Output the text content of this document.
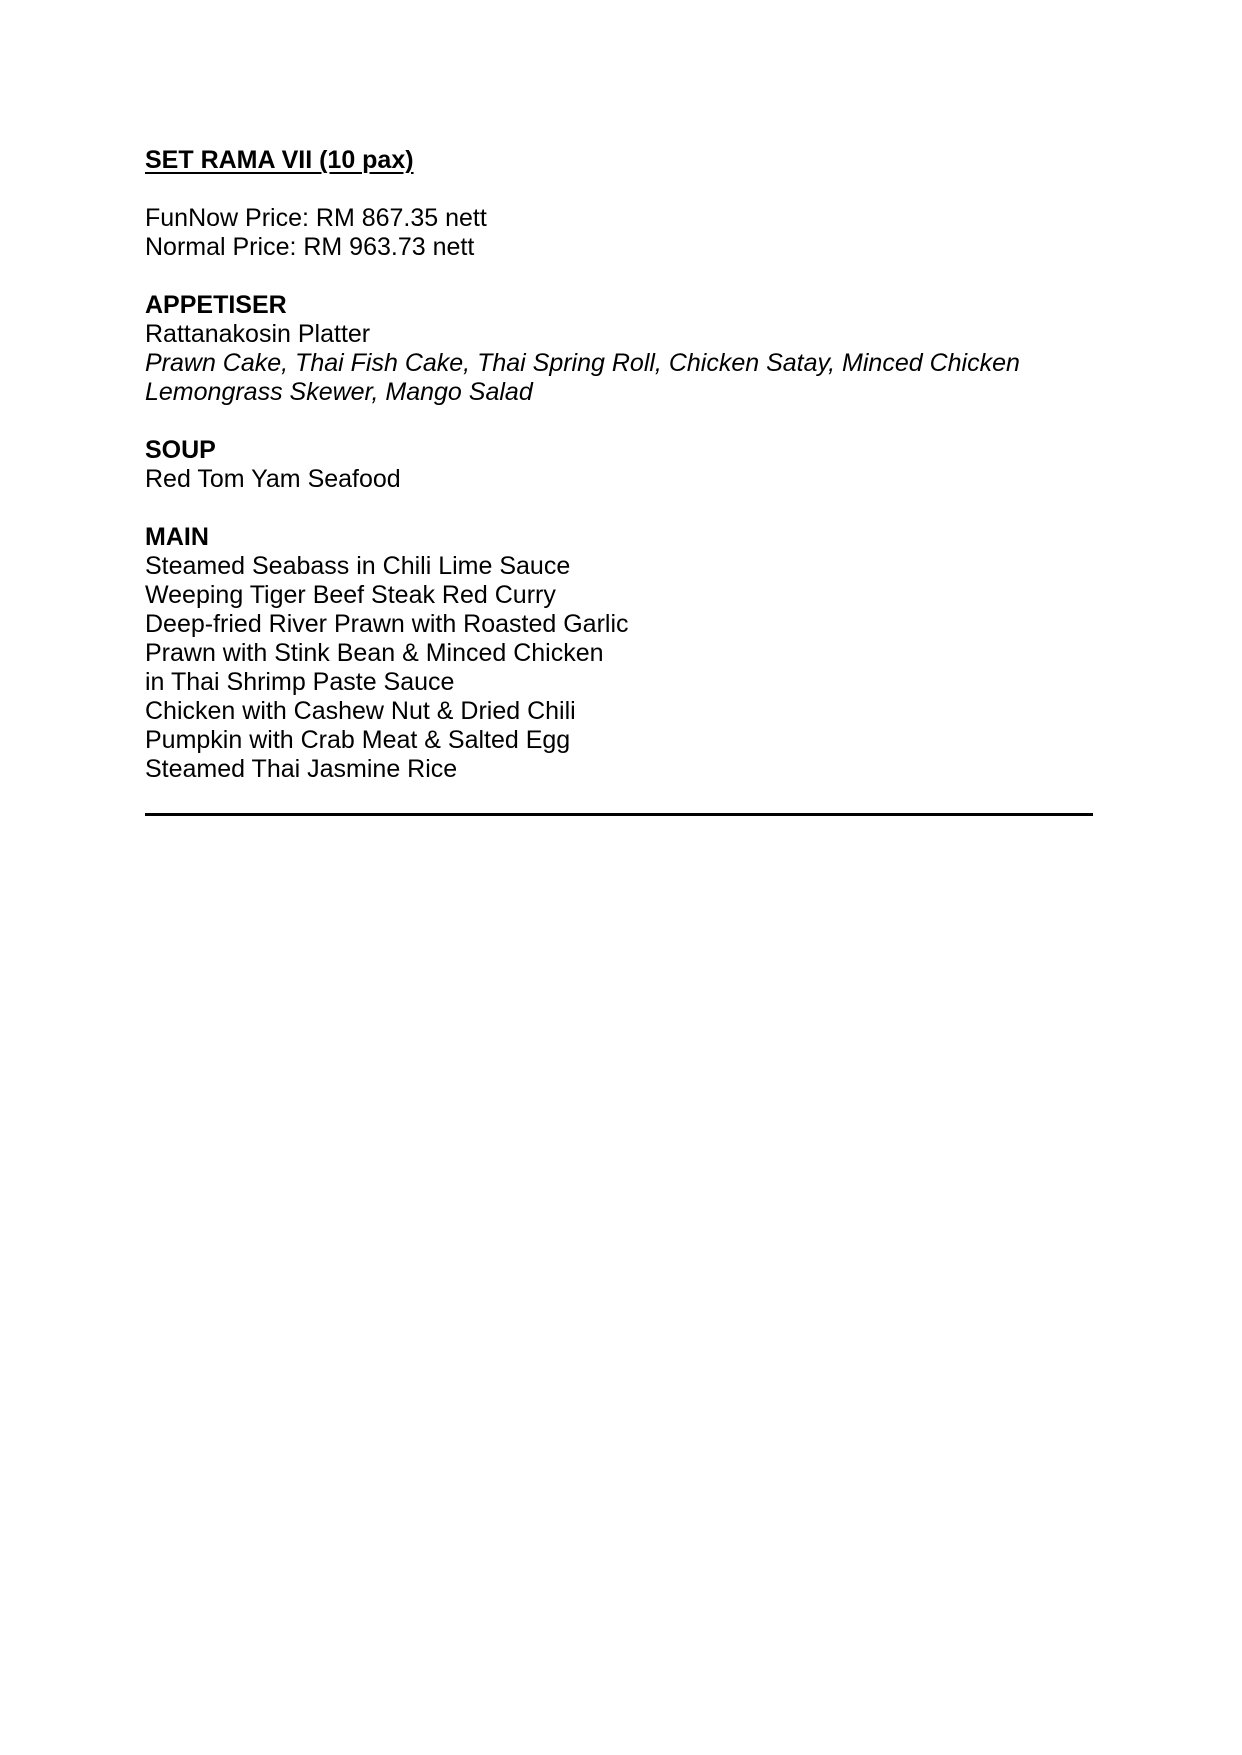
SET RAMA VII (10 pax)
FunNow Price: RM 867.35 nett
Normal Price: RM 963.73 nett
APPETISER
Rattanakosin Platter
Prawn Cake, Thai Fish Cake, Thai Spring Roll, Chicken Satay, Minced Chicken
Lemongrass Skewer, Mango Salad
SOUP
Red Tom Yam Seafood
MAIN
Steamed Seabass in Chili Lime Sauce
Weeping Tiger Beef Steak Red Curry
Deep-fried River Prawn with Roasted Garlic
Prawn with Stink Bean & Minced Chicken
in Thai Shrimp Paste Sauce
Chicken with Cashew Nut & Dried Chili
Pumpkin with Crab Meat & Salted Egg
Steamed Thai Jasmine Rice
